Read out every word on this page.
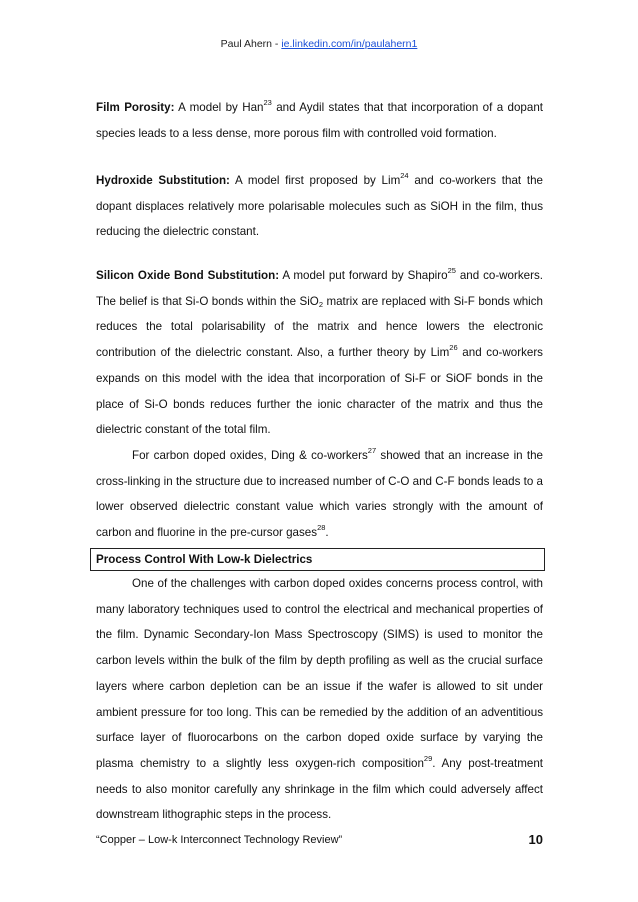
Paul Ahern - ie.linkedin.com/in/paulahern1

Film Porosity: A model by Han$^{23}$ and Aydil states that that incorporation of a dopant species leads to a less dense, more porous film with controlled void formation.

Hydroxide Substitution: A model first proposed by Lim$^{24}$ and co-workers that the dopant displaces relatively more polarisable molecules such as SiOH in the film, thus reducing the dielectric constant.

Silicon Oxide Bond Substitution: A model put forward by Shapiro$^{25}$ and co-workers. The belief is that Si-O bonds within the SiO$_2$ matrix are replaced with Si-F bonds which reduces the total polarisability of the matrix and hence lowers the electronic contribution of the dielectric constant. Also, a further theory by Lim$^{26}$ and co-workers expands on this model with the idea that incorporation of Si-F or SiOF bonds in the place of Si-O bonds reduces further the ionic character of the matrix and thus the dielectric constant of the total film.

For carbon doped oxides, Ding & co-workers$^{27}$ showed that an increase in the cross-linking in the structure due to increased number of C-O and C-F bonds leads to a lower observed dielectric constant value which varies strongly with the amount of carbon and fluorine in the pre-cursor gases$^{28}$.

Process Control With Low-k Dielectrics

One of the challenges with carbon doped oxides concerns process control, with many laboratory techniques used to control the electrical and mechanical properties of the film. Dynamic Secondary-Ion Mass Spectroscopy (SIMS) is used to monitor the carbon levels within the bulk of the film by depth profiling as well as the crucial surface layers where carbon depletion can be an issue if the wafer is allowed to sit under ambient pressure for too long. This can be remedied by the addition of an adventitious surface layer of fluorocarbons on the carbon doped oxide surface by varying the plasma chemistry to a slightly less oxygen-rich composition$^{29}$. Any post-treatment needs to also monitor carefully any shrinkage in the film which could adversely affect downstream lithographic steps in the process.

“Copper – Low-k Interconnect Technology Review”	10
